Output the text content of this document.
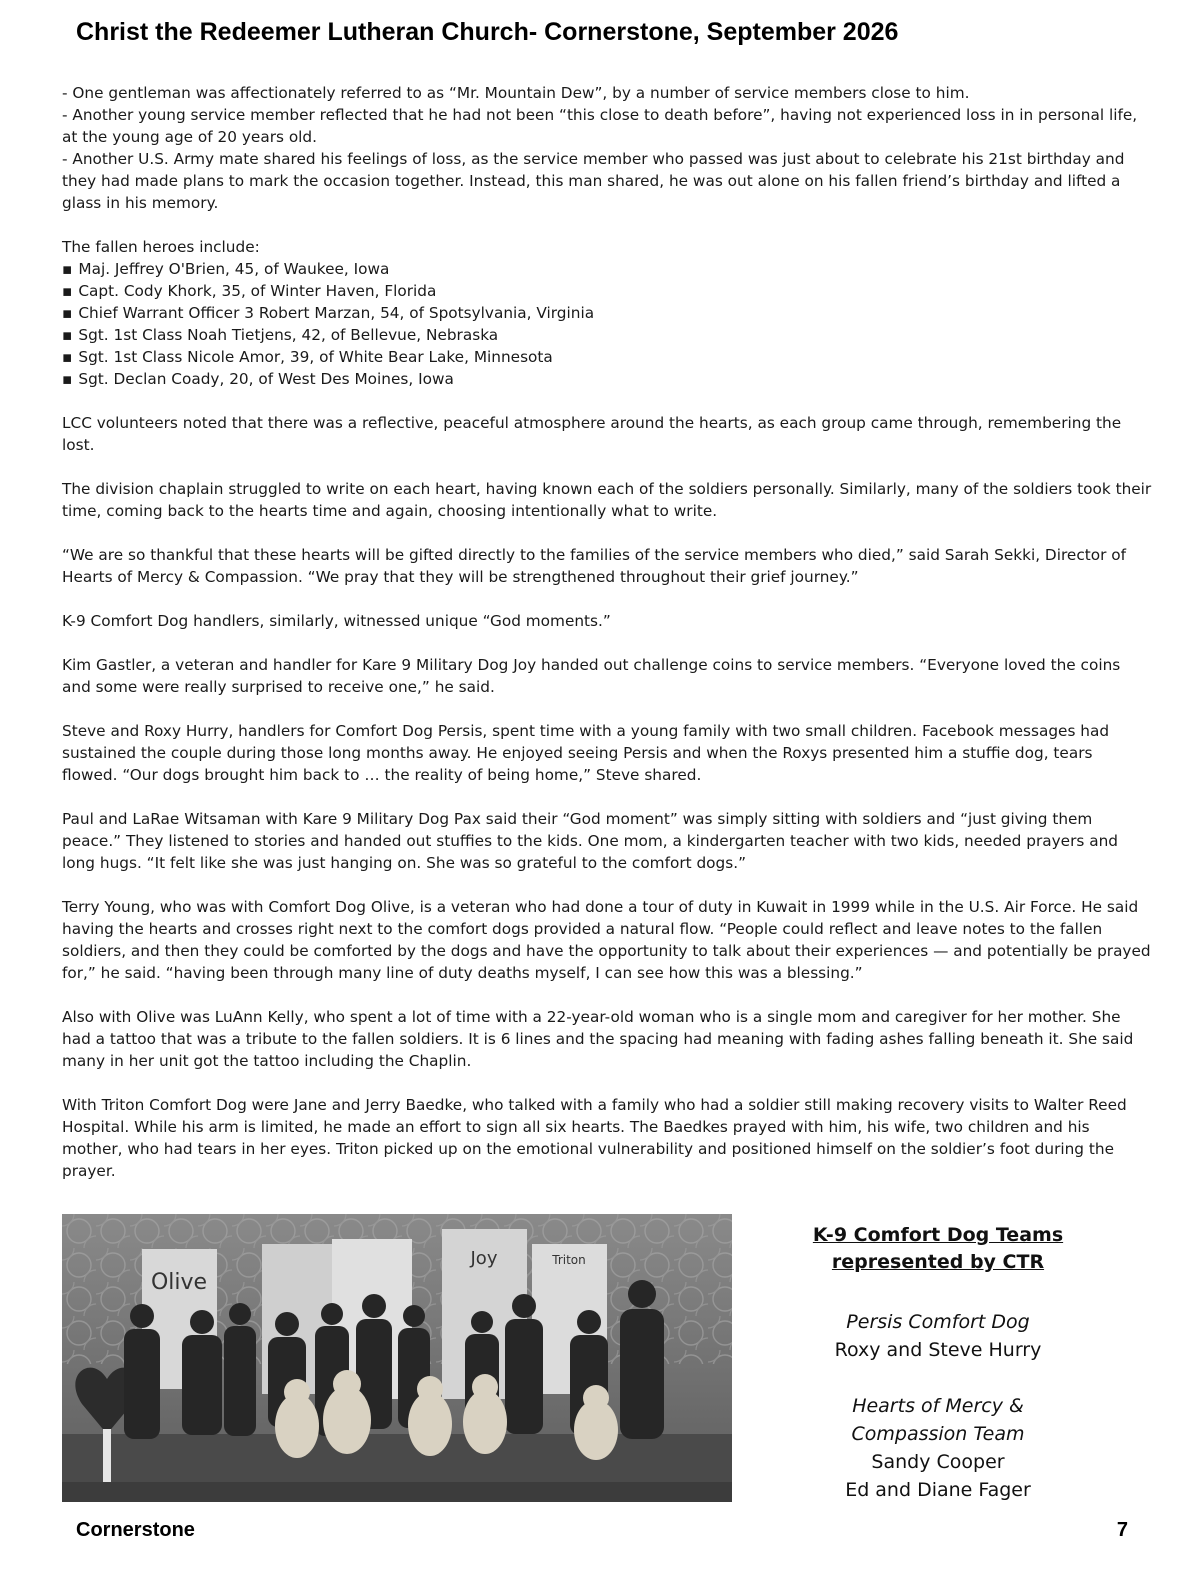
Christ the Redeemer Lutheran Church- Cornerstone, September 2026
- One gentleman was affectionately referred to as “Mr. Mountain Dew”, by a number of service members close to him.
- Another young service member reflected that he had not been “this close to death before”, having not experienced loss in in personal life, at the young age of 20 years old.
- Another U.S. Army mate shared his feelings of loss, as the service member who passed was just about to celebrate his 21st birthday and they had made plans to mark the occasion together. Instead, this man shared, he was out alone on his fallen friend’s birthday and lifted a glass in his memory.
The fallen heroes include:
▪ Maj. Jeffrey O'Brien, 45, of Waukee, Iowa
▪ Capt. Cody Khork, 35, of Winter Haven, Florida
▪ Chief Warrant Officer 3 Robert Marzan, 54, of Spotsylvania, Virginia
▪ Sgt. 1st Class Noah Tietjens, 42, of Bellevue, Nebraska
▪ Sgt. 1st Class Nicole Amor, 39, of White Bear Lake, Minnesota
▪ Sgt. Declan Coady, 20, of West Des Moines, Iowa

LCC volunteers noted that there was a reflective, peaceful atmosphere around the hearts, as each group came through, remembering the lost.

The division chaplain struggled to write on each heart, having known each of the soldiers personally. Similarly, many of the soldiers took their time, coming back to the hearts time and again, choosing intentionally what to write.

“We are so thankful that these hearts will be gifted directly to the families of the service members who died,” said Sarah Sekki, Director of Hearts of Mercy & Compassion. “We pray that they will be strengthened throughout their grief journey.”

K-9 Comfort Dog handlers, similarly, witnessed unique “God moments.”

Kim Gastler, a veteran and handler for Kare 9 Military Dog Joy handed out challenge coins to service members. “Everyone loved the coins and some were really surprised to receive one,” he said.

Steve and Roxy Hurry, handlers for Comfort Dog Persis, spent time with a young family with two small children. Facebook messages had sustained the couple during those long months away. He enjoyed seeing Persis and when the Roxys presented him a stuffie dog, tears flowed. “Our dogs brought him back to … the reality of being home,” Steve shared.

Paul and LaRae Witsaman with Kare 9 Military Dog Pax said their “God moment” was simply sitting with soldiers and “just giving them peace.” They listened to stories and handed out stuffies to the kids. One mom, a kindergarten teacher with two kids, needed prayers and long hugs. “It felt like she was just hanging on. She was so grateful to the comfort dogs.”

Terry Young, who was with Comfort Dog Olive, is a veteran who had done a tour of duty in Kuwait in 1999 while in the U.S. Air Force. He said having the hearts and crosses right next to the comfort dogs provided a natural flow. “People could reflect and leave notes to the fallen soldiers, and then they could be comforted by the dogs and have the opportunity to talk about their experiences — and potentially be prayed for,” he said. “having been through many line of duty deaths myself, I can see how this was a blessing.”

Also with Olive was LuAnn Kelly, who spent a lot of time with a 22-year-old woman who is a single mom and caregiver for her mother. She had a tattoo that was a tribute to the fallen soldiers. It is 6 lines and the spacing had meaning with fading ashes falling beneath it. She said many in her unit got the tattoo including the Chaplin.

With Triton Comfort Dog were Jane and Jerry Baedke, who talked with a family who had a soldier still making recovery visits to Walter Reed Hospital. While his arm is limited, he made an effort to sign all six hearts. The Baedkes prayed with him, his wife, two children and his mother, who had tears in her eyes. Triton picked up on the emotional vulnerability and positioned himself on the soldier’s foot during the prayer.

Olive
Joy	Triton
K-9 Comfort Dog Teams
represented by CTR
Persis Comfort Dog
Roxy and Steve Hurry
Hearts of Mercy &
Compassion Team
Sandy Cooper
Ed and Diane Fager
Cornerstone	7
